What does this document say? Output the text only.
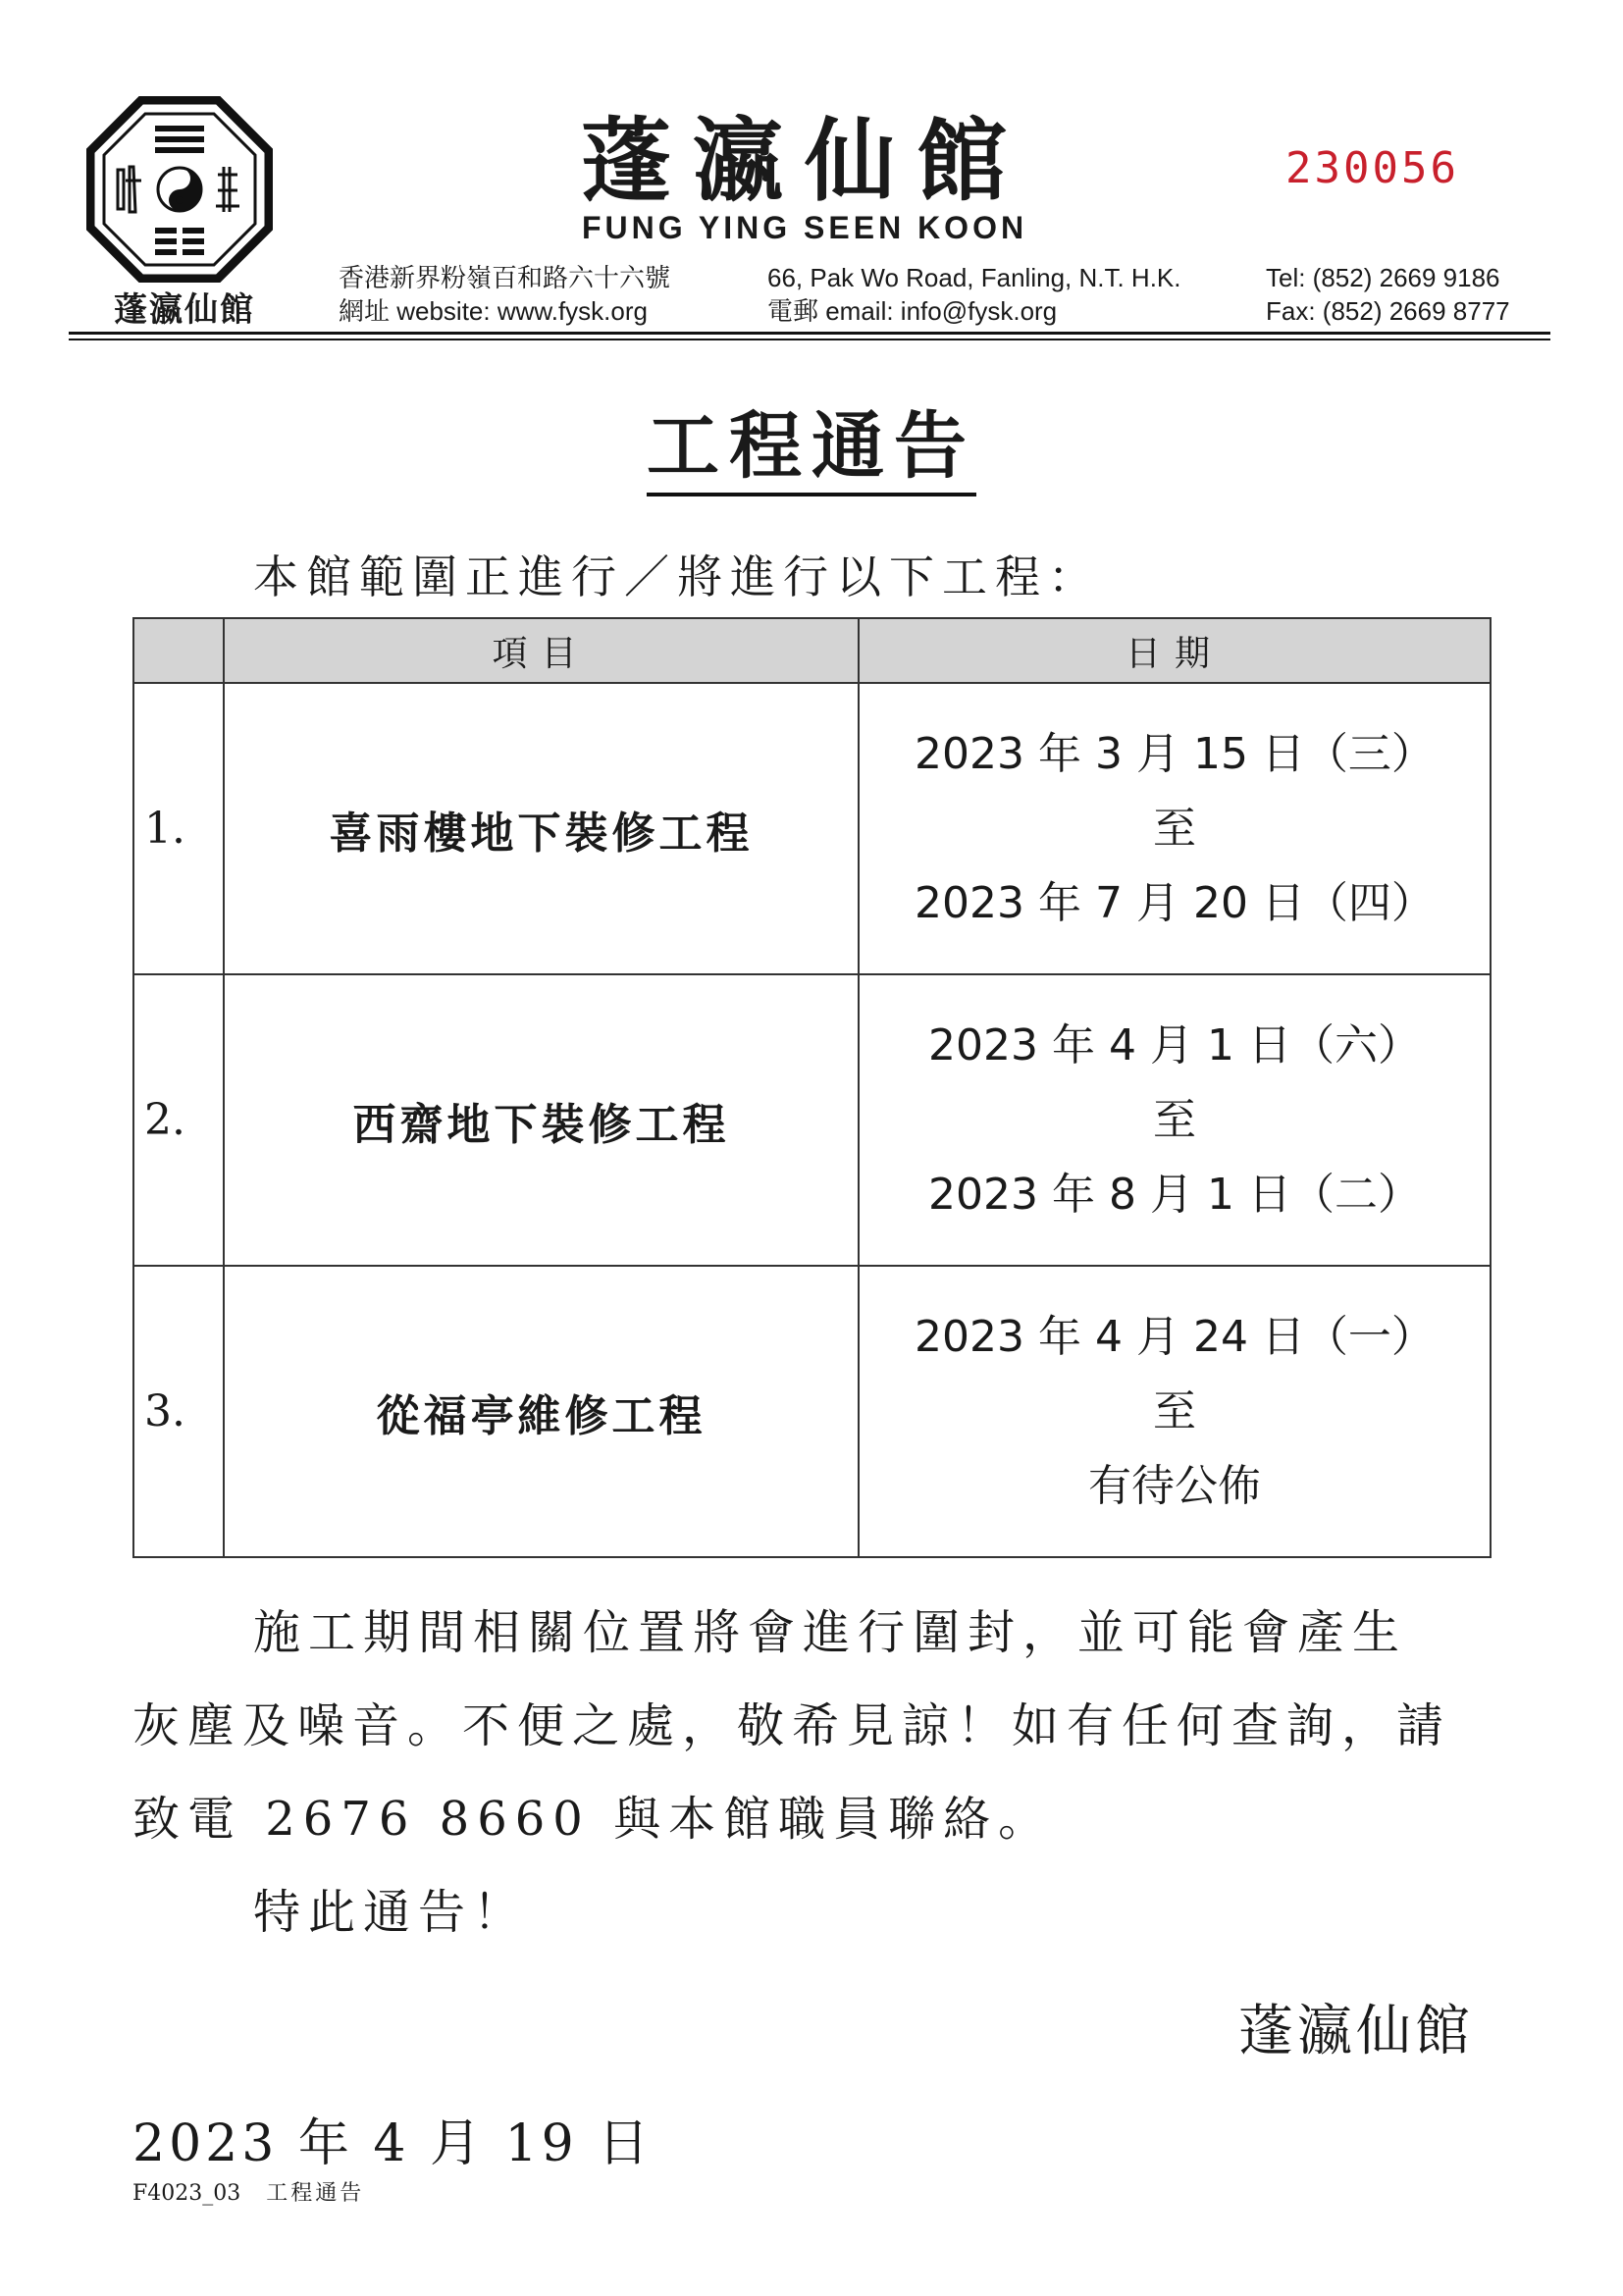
蓬瀛仙館
蓬瀛仙館
FUNG YING SEEN KOON
230056
香港新界粉嶺百和路六十六號
網址 website: www.fysk.org
66, Pak Wo Road, Fanling, N.T. H.K.
電郵 email: info@fysk.org
Tel: (852) 2669 9186
Fax: (852) 2669 8777
工程通告
本館範圍正進行／將進行以下工程：
	項目	日期
1.	喜雨樓地下裝修工程	2023 年 3 月 15 日（三）
至
2023 年 7 月 20 日（四）

2.	西齋地下裝修工程	2023 年 4 月 1 日（六）
至
2023 年 8 月 1 日（二）

3.	從福亭維修工程	2023 年 4 月 24 日（一）
至
有待公佈
施工期間相關位置將會進行圍封，並可能會產生
灰塵及噪音。不便之處，敬希見諒！如有任何查詢，請
致電 2676 8660 與本館職員聯絡。
特此通告！
蓬瀛仙館
2023 年 4 月 19 日
F4023_03 工程通告
